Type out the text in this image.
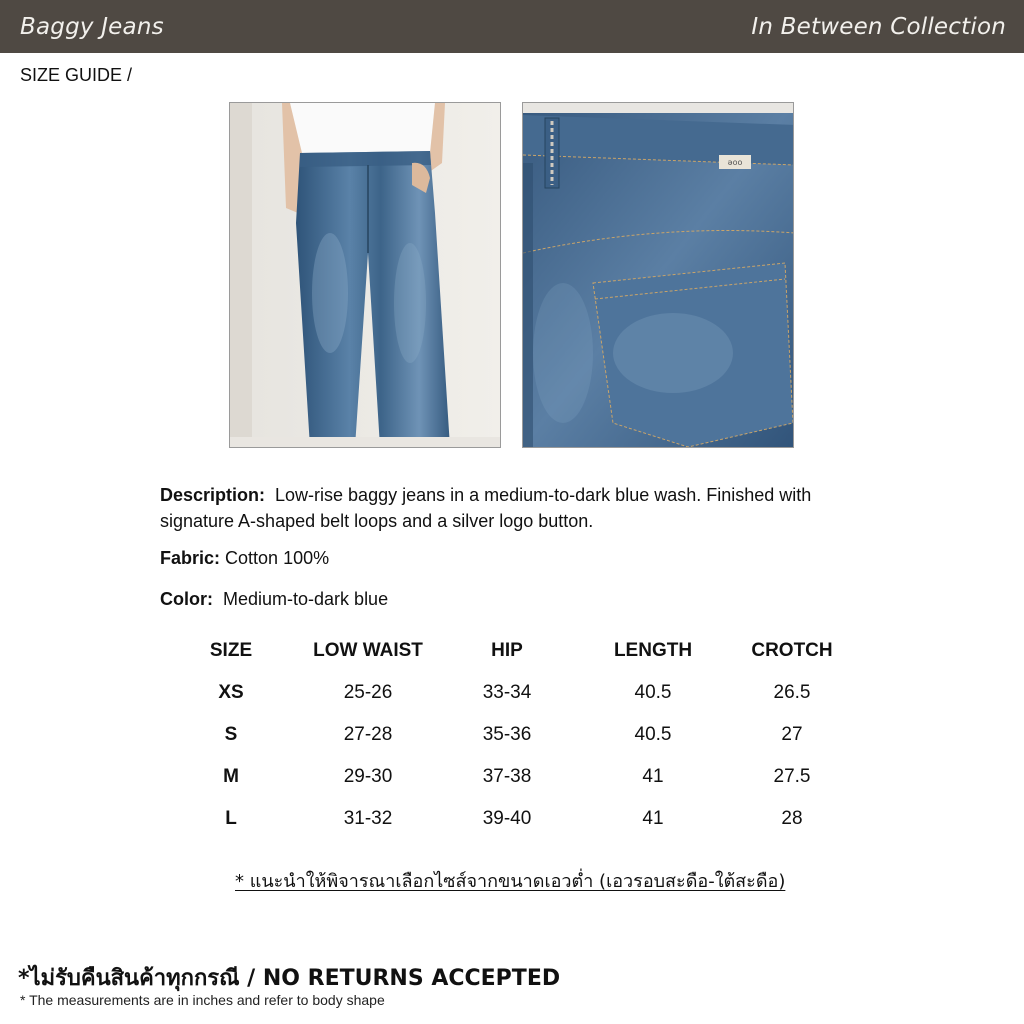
Baggy Jeans	In Between Collection
SIZE GUIDE /
ǝoo
Description: Low-rise baggy jeans in a medium-to-dark blue wash. Finished with signature A-shaped belt loops and a silver logo button.
Fabric: Cotton 100%
Color: Medium-to-dark blue
SIZE	LOW WAIST	HIP	LENGTH	CROTCH
XS	25-26	33-34	40.5	26.5
S	27-28	35-36	40.5	27
M	29-30	37-38	41	27.5
L	31-32	39-40	41	28
* แนะนำให้พิจารณาเลือกไซส์จากขนาดเอวต่ำ (เอวรอบสะดือ-ใต้สะดือ)
*ไม่รับคืนสินค้าทุกกรณี / NO RETURNS ACCEPTED
* The measurements are in inches and refer to body shape
